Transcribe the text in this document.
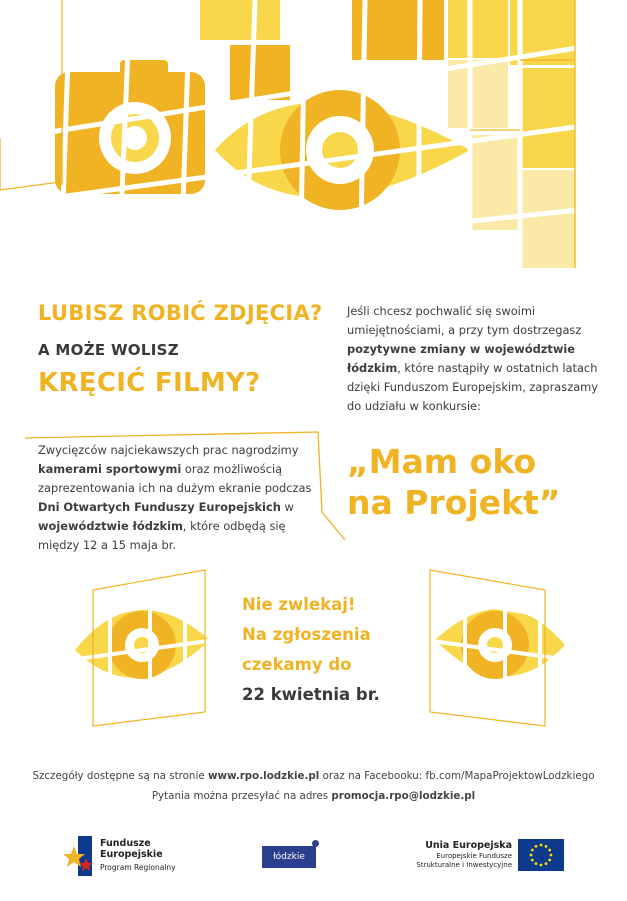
LUBISZ ROBIĆ ZDJĘCIA?
A MOŻE WOLISZ
KRĘCIĆ FILMY?
Zwycięzców najciekawszych prac nagrodzimy kamerami sportowymi oraz możliwością zaprezentowania ich na dużym ekranie podczas Dni Otwartych Funduszy Europejskich w województwie łódzkim, które odbędą się między 12 a 15 maja br.
Jeśli chcesz pochwalić się swoimi umiejętnościami, a przy tym dostrzegasz pozytywne zmiany w województwie łódzkim, które nastąpiły w ostatnich latach dzięki Funduszom Europejskim, zapraszamy do udziału w konkursie:
„Mam oko
na Projekt”
Nie zwlekaj!
Na zgłoszenia
czekamy do
22 kwietnia br.
Szczegóły dostępne są na stronie www.rpo.lodzkie.pl oraz na Facebooku: fb.com/MapaProjektowLodzkiego
Pytania można przesyłać na adres promocja.rpo@lodzkie.pl
Fundusze
Europejskie
Program Regionalny
łódzkie
Unia Europejska
Europejskie Fundusze
Strukturalne i Inwestycyjne
